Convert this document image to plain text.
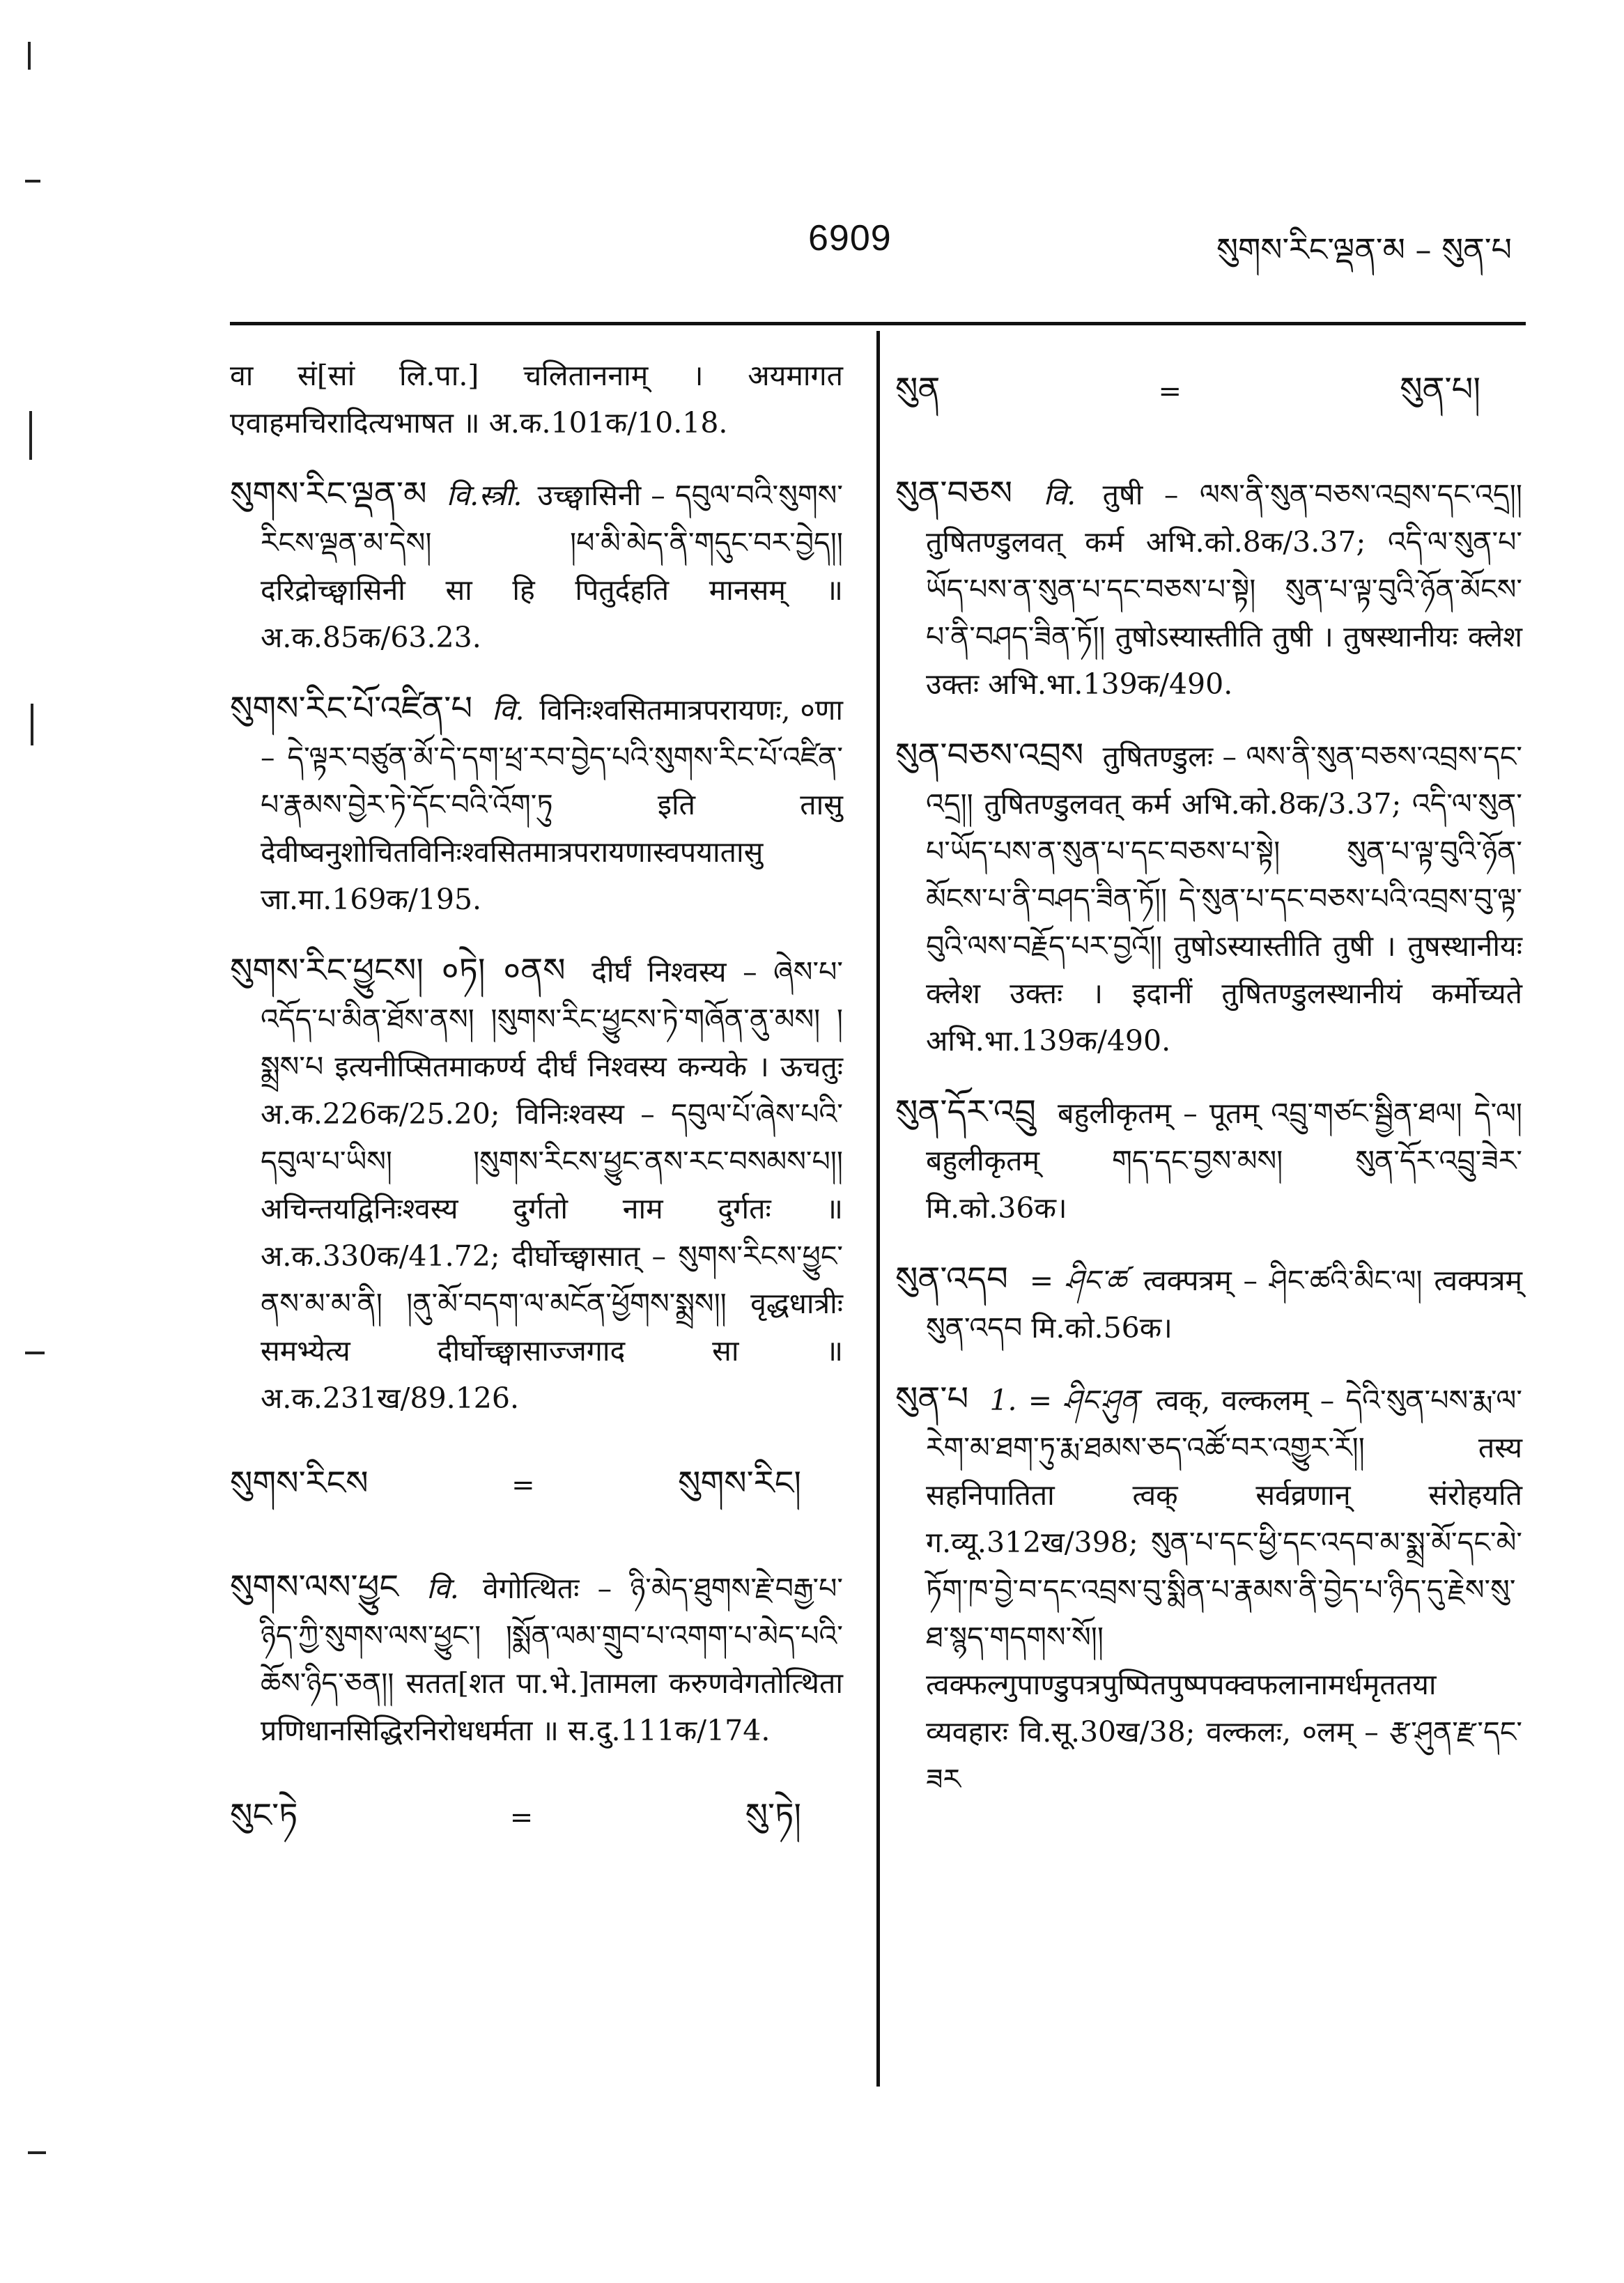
6909	སུགས་རིང་ལྡན་མ – སུན་པ

वा सं[सां लि.पा.] चलिताननाम् । अयमागत एवाहमचिरादित्यभाषत ॥ अ.क.101क/10.18.

སུགས་རིང་ལྡན་མ वि.स्त्री. उच्छ्वासिनी – དབུལ་བའི་སུགས་རིངས་ལྡན་མ་དེས། །ཕ་མི་མེད་ནི་གདུང་བར་བྱེད།། दरिद्रोच्छ्वासिनी सा हि पितुर्दहति मानसम् ॥ अ.क.85क/63.23.

སུགས་རིང་པོ་འཛིན་པ वि. विनिःश्वसितमात्रपरायणः, ०णा – དེ་ལྟར་བཙུན་མོ་དེ་དག་ཕྲ་རབ་བྱེད་པའི་སུགས་རིང་པོ་འཛིན་པ་རྣམས་བྱེར་ཏེ་དོང་བའི་འོག་ཏུ इति तासु देवीष्वनुशोचितविनिःश्वसितमात्रपरायणास्वपयातासु जा.मा.169क/195.

སུགས་རིང་ཕྱུངས། ०ཏེ། ०ནས दीर्घं निश्वस्य – ཞེས་པ་འདོད་པ་མིན་ཐོས་ནས། །སུགས་རིང་ཕྱུངས་ཏེ་གཞོན་ནུ་མས། །སྨྲས་པ इत्यनीप्सितमाकर्ण्य दीर्घं निश्वस्य कन्यके । ऊचतुः अ.क.226क/25.20; विनिःश्वस्य – དབུལ་པོ་ཞེས་པའི་དབུལ་པ་ཡིས། །སུགས་རིངས་ཕྱུང་ནས་རང་བསམས་པ།། अचिन्तयद्विनिःश्वस्य दुर्गतो नाम दुर्गतः ॥ अ.क.330क/41.72; दीर्घोच्छ्वासात् – སུགས་རིངས་ཕྱུང་ནས་མ་མ་ནི། །ནུ་མོ་བདག་ལ་མངོན་ཕྱོགས་སྨྲས།། वृद्धधात्रीः समभ्येत्य दीर्घोच्छ्वासाज्जगाद सा ॥ अ.क.231ख/89.126.

སུགས་རིངས	=	སུགས་རིང།

སུགས་ལས་ཕྱུང वि. वेगोत्थितः – ཉི་མེད་ཐུགས་རྗེ་བརྒྱ་པ་ཉིད་ཀྱི་སུགས་ལས་ཕྱུང་། །སྨོན་ལམ་གྲུབ་པ་འགག་པ་མེད་པའི་ཆོས་ཉིད་ཅན།། सतत[शत पा.भे.]तामला करुणवेगतोत्थिता प्रणिधानसिद्धिरनिरोधधर्मता ॥ स.दु.111क/174.

སུང་ཏེ	=	སུ་ཏེ།
སུན	=	སུན་པ།

སུན་བཅས वि. तुषी – ལས་ནི་སུན་བཅས་འབྲས་དང་འདྲ།། तुषितण्डुलवत् कर्म अभि.को.8क/3.37; འདི་ལ་སུན་པ་ཡོད་པས་ན་སུན་པ་དང་བཅས་པ་སྟེ། སུན་པ་ལྟ་བུའི་ཉོན་མོངས་པ་ནི་བཤད་ཟིན་ཏོ།། तुषोऽस्यास्तीति तुषी । तुषस्थानीयः क्लेश उक्तः अभि.भा.139क/490.

སུན་བཅས་འབྲས तुषितण्डुलः – ལས་ནི་སུན་བཅས་འབྲས་དང་འདྲ།། तुषितण्डुलवत् कर्म अभि.को.8क/3.37; འདི་ལ་སུན་པ་ཡོད་པས་ན་སུན་པ་དང་བཅས་པ་སྟེ། སུན་པ་ལྟ་བུའི་ཉོན་མོངས་པ་ནི་བཤད་ཟིན་ཏོ།། དེ་སུན་པ་དང་བཅས་པའི་འབྲས་བུ་ལྟ་བུའི་ལས་བརྗོད་པར་བྱའོ།། तुषोऽस्यास्तीति तुषी । तुषस्थानीयः क्लेश उक्तः । इदानीं तुषितण्डुलस्थानीयं कर्मोच्यते अभि.भा.139क/490.

སུན་དོར་འབྲུ बहुलीकृतम् – पूतम् འབྲུ་གཙང་སྦྱིན་ཐལ། དེ་ལ། बहुलीकृतम् གད་དང་བྱས་མས། སུན་དོར་འབྲུ་ཟེར་ मि.को.36क।

སུན་འདབ = ཤིང་ཚ त्वक्पत्रम् – ཤིང་ཚའི་མིང་ལ། त्वक्पत्रम् སུན་འདབ मि.को.56क।

སུན་པ 1. = ཤིང་ཤུན त्वक्, वल्कलम् – དེའི་སུན་པས་རྨ་ལ་རེག་མ་ཐག་ཏུ་རྨ་ཐམས་ཅད་འཚོ་བར་འགྱུར་རོ།། तस्य सहनिपातिता त्वक् सर्वव्रणान् संरोहयति ग.व्यू.312ख/398; སུན་པ་དང་ཕྱི་དང་འདབ་མ་སྨྲ་མོ་དང་མེ་ཏོག་ཁ་བྱེ་བ་དང་འབྲས་བུ་སྨིན་པ་རྣམས་ནི་བྱེད་པ་ཉིད་དུ་རྗེས་སུ་ཐ་སྙད་གདགས་སོ།། त्वक्फल्गुपाण्डुपत्रपुष्पितपुष्पपक्वफलानामर्धमृततया व्यवहारः वि.सू.30ख/38; वल्कलः, ०लम् – རྩ་ཤུན་རྫ་དང་ཟར
